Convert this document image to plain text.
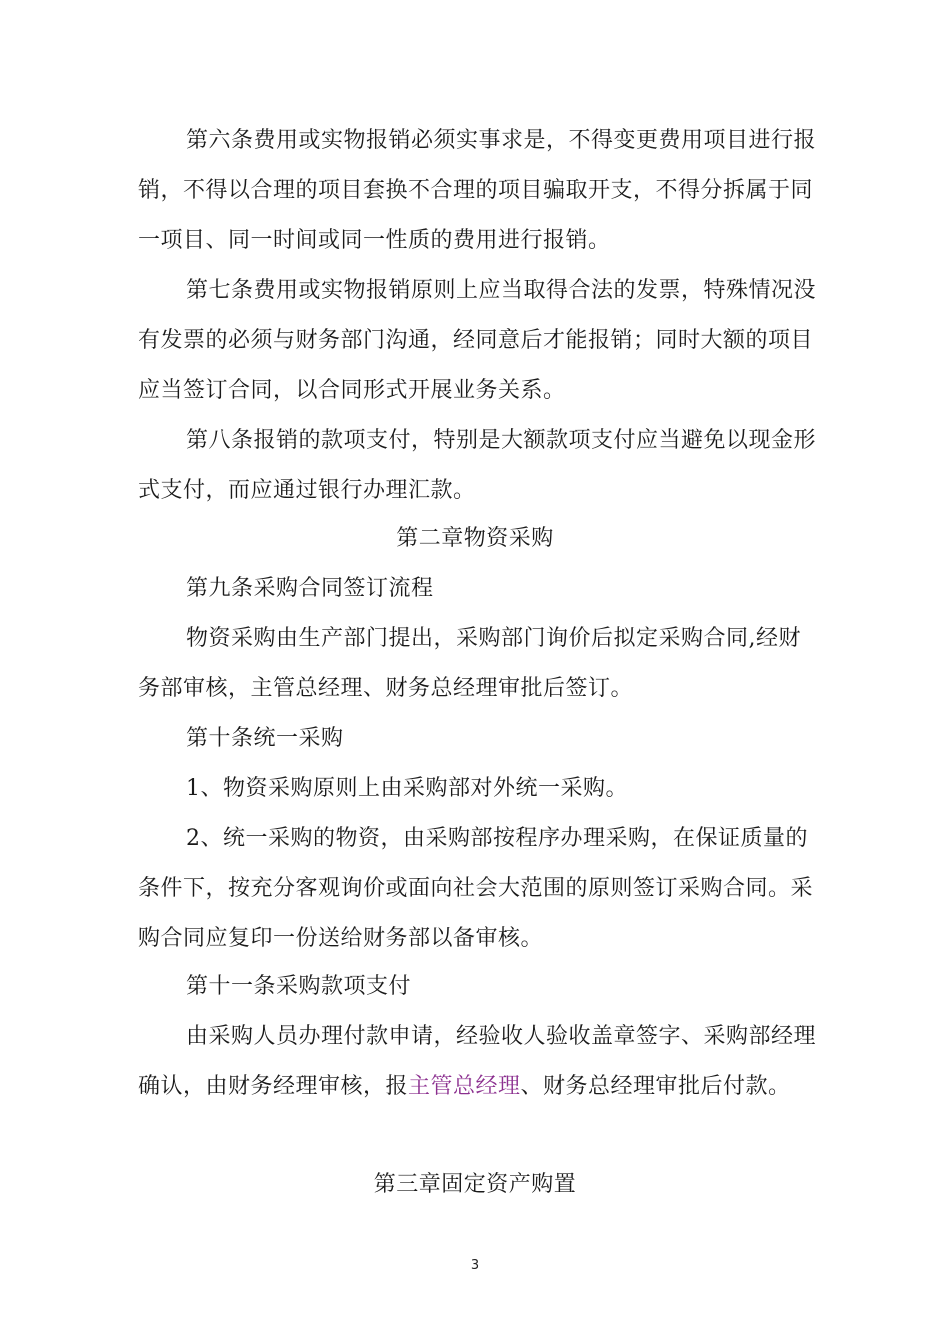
第六条费用或实物报销必须实事求是，不得变更费用项目进行报
销，不得以合理的项目套换不合理的项目骗取开支，不得分拆属于同
一项目、同一时间或同一性质的费用进行报销。
第七条费用或实物报销原则上应当取得合法的发票，特殊情况没
有发票的必须与财务部门沟通，经同意后才能报销；同时大额的项目
应当签订合同，以合同形式开展业务关系。
第八条报销的款项支付，特别是大额款项支付应当避免以现金形
式支付，而应通过银行办理汇款。
第二章物资采购
第九条采购合同签订流程
物资采购由生产部门提出，采购部门询价后拟定采购合同,经财
务部审核，主管总经理、财务总经理审批后签订。
第十条统一采购
1、物资采购原则上由采购部对外统一采购。
2、统一采购的物资，由采购部按程序办理采购，在保证质量的
条件下，按充分客观询价或面向社会大范围的原则签订采购合同。采
购合同应复印一份送给财务部以备审核。
第十一条采购款项支付
由采购人员办理付款申请，经验收人验收盖章签字、采购部经理
确认，由财务经理审核，报主管总经理、财务总经理审批后付款。
第三章固定资产购置
3
